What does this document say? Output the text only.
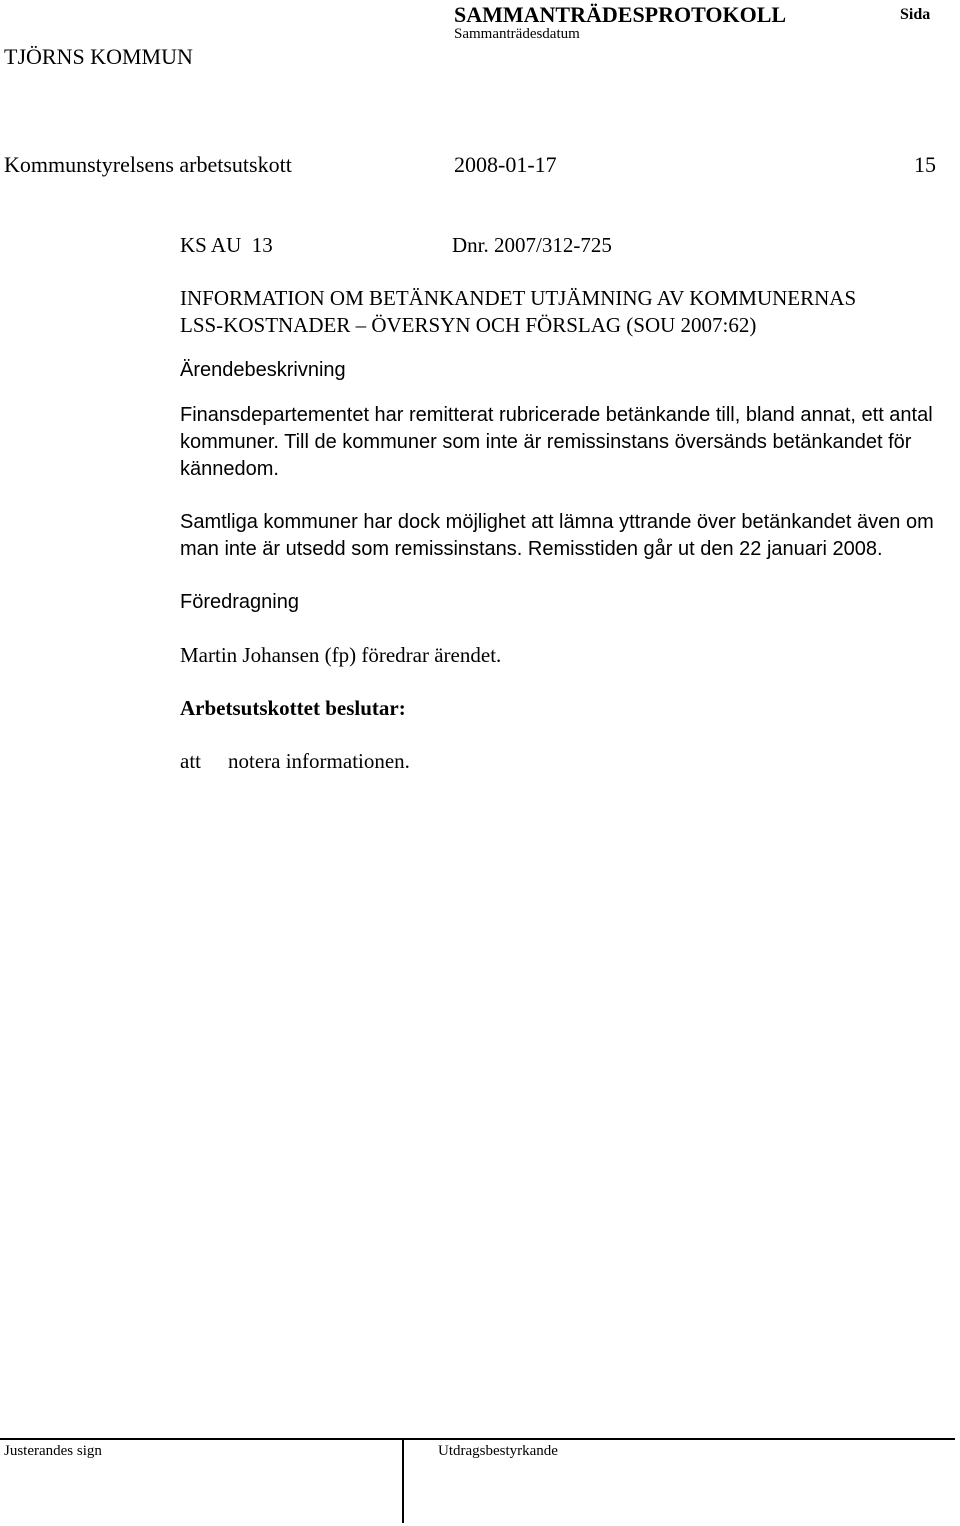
TJÖRNS KOMMUN
SAMMANTRÄDESPROTOKOLL	Sida
Sammanträdesdatum
Kommunstyrelsens arbetsutskott	2008-01-17	15
KS AU  13	Dnr. 2007/312-725
INFORMATION OM BETÄNKANDET UTJÄMNING AV KOMMUNERNAS
LSS-KOSTNADER – ÖVERSYN OCH FÖRSLAG (SOU 2007:62)
Ärendebeskrivning
Finansdepartementet har remitterat rubricerade betänkande till, bland annat, ett antal kommuner. Till de kommuner som inte är remissinstans översänds betänkandet för kännedom.
Samtliga kommuner har dock möjlighet att lämna yttrande över betänkandet även om man inte är utsedd som remissinstans. Remisstiden går ut den 22 januari 2008.
Föredragning
Martin Johansen (fp) föredrar ärendet.
Arbetsutskottet beslutar:
att	notera informationen.
Justerandes sign	Utdragsbestyrkande
